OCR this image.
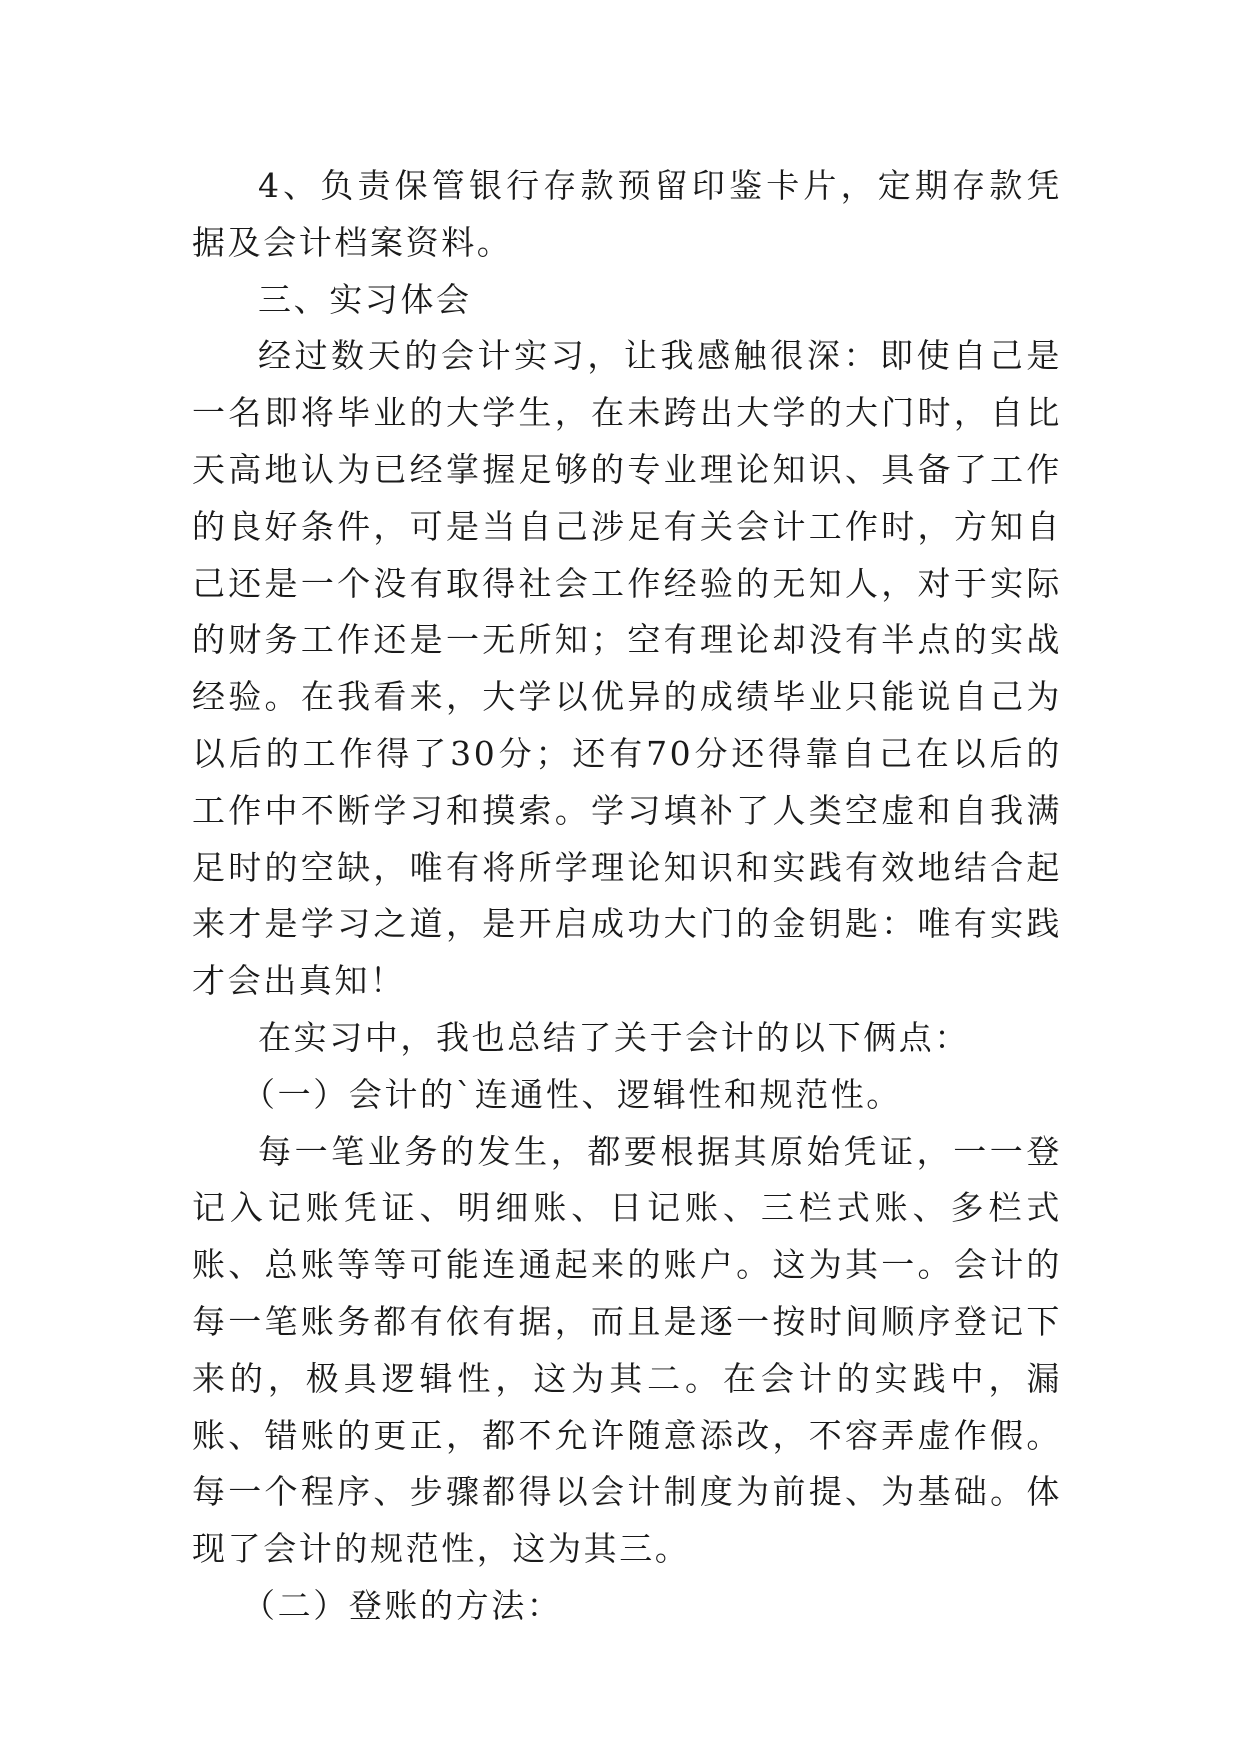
4、负责保管银行存款预留印鉴卡片，定期存款凭据及会计档案资料。

三、实习体会

经过数天的会计实习，让我感触很深：即使自己是一名即将毕业的大学生，在未跨出大学的大门时，自比天高地认为已经掌握足够的专业理论知识、具备了工作的良好条件，可是当自己涉足有关会计工作时，方知自己还是一个没有取得社会工作经验的无知人，对于实际的财务工作还是一无所知；空有理论却没有半点的实战经验。在我看来，大学以优异的成绩毕业只能说自己为以后的工作得了30分；还有70分还得靠自己在以后的工作中不断学习和摸索。学习填补了人类空虚和自我满足时的空缺，唯有将所学理论知识和实践有效地结合起来才是学习之道，是开启成功大门的金钥匙：唯有实践才会出真知！

在实习中，我也总结了关于会计的以下俩点：

（一）会计的`连通性、逻辑性和规范性。

每一笔业务的发生，都要根据其原始凭证，一一登记入记账凭证、明细账、日记账、三栏式账、多栏式账、总账等等可能连通起来的账户。这为其一。会计的每一笔账务都有依有据，而且是逐一按时间顺序登记下来的，极具逻辑性，这为其二。在会计的实践中，漏账、错账的更正，都不允许随意添改，不容弄虚作假。每一个程序、步骤都得以会计制度为前提、为基础。体现了会计的规范性，这为其三。

（二）登账的方法：
